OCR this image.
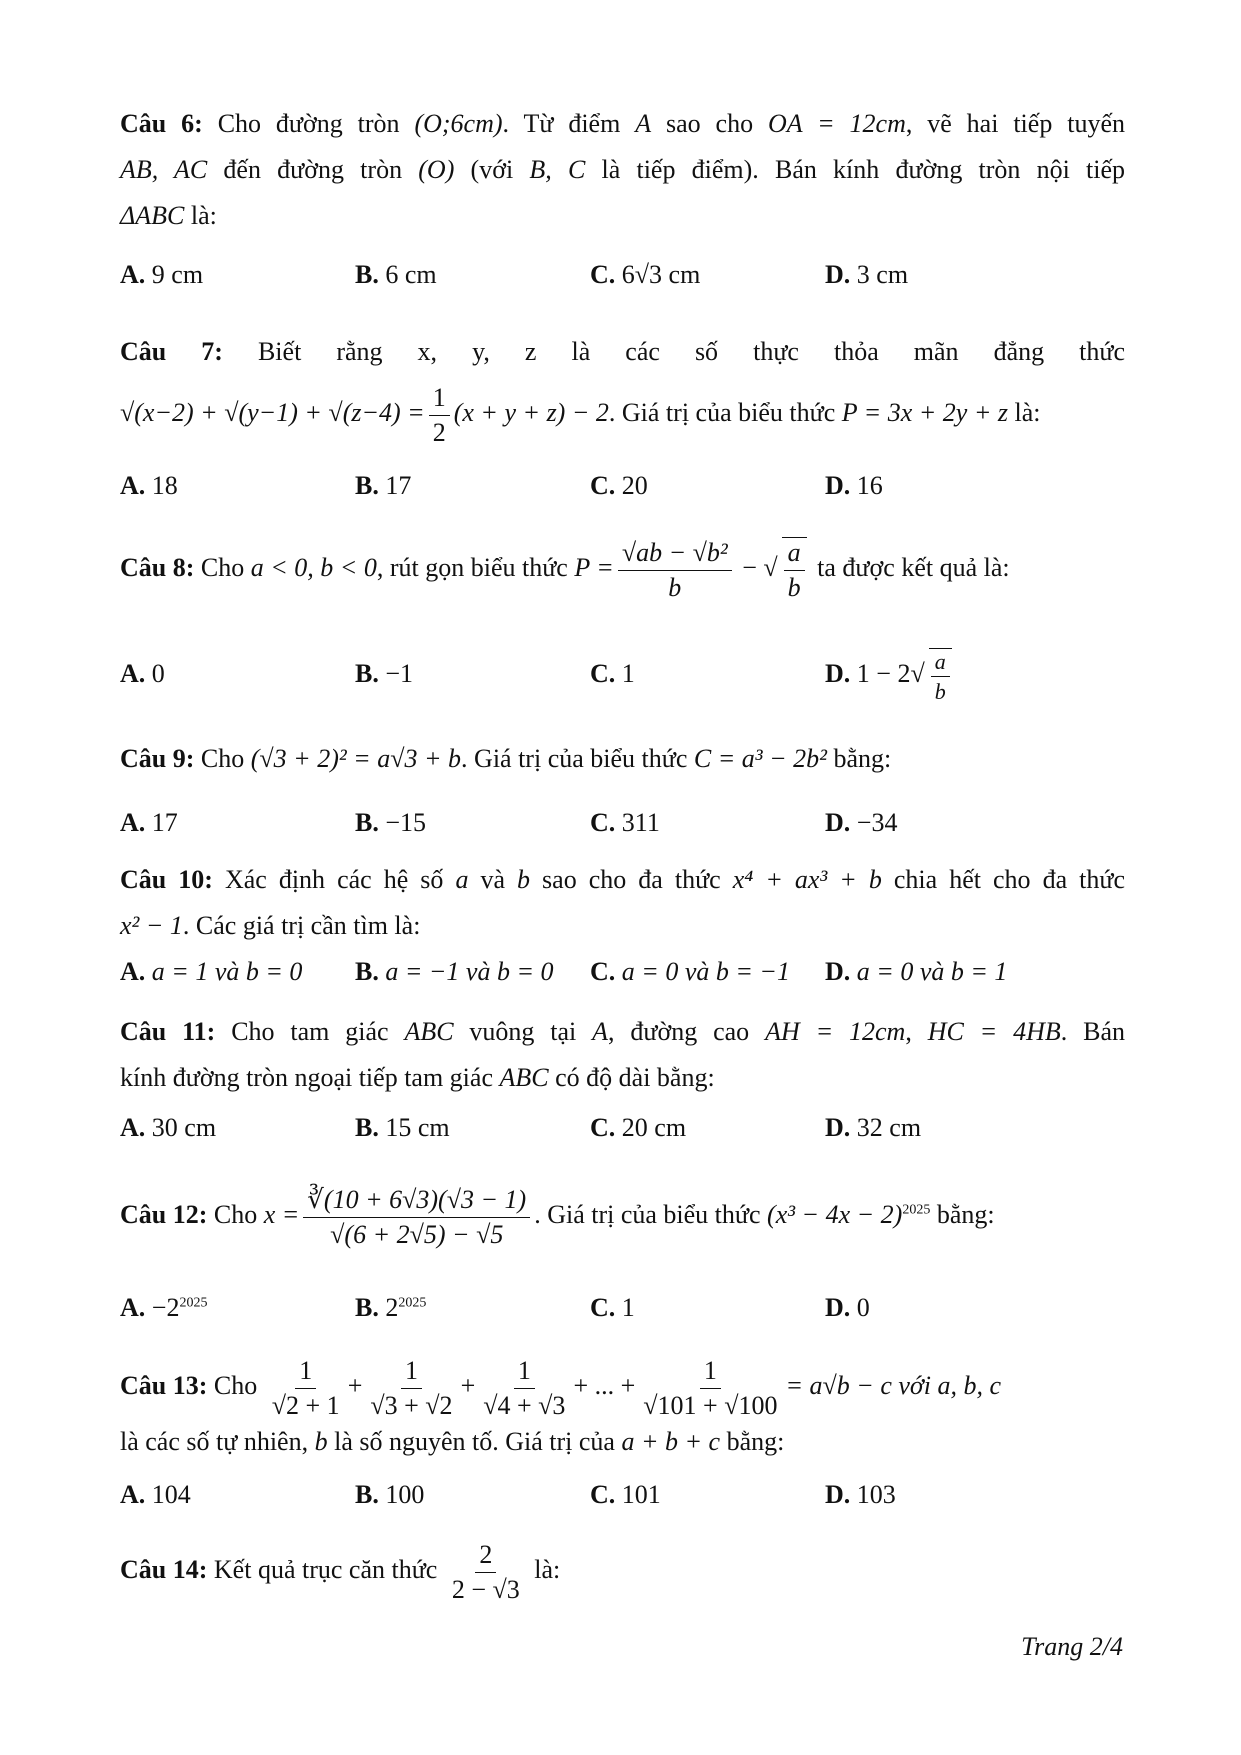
Câu 6: Cho đường tròn (O;6cm). Từ điểm A sao cho OA = 12cm, vẽ hai tiếp tuyến
AB, AC đến đường tròn (O) (với B, C là tiếp điểm). Bán kính đường tròn nội tiếp
ΔABC là:
A. 9 cm	B. 6 cm	C. 6√3 cm	D. 3 cm
Câu 7: Biết rằng x, y, z là các số thực thỏa mãn đẳng thức
$√(x-2) + √(y-1) + √(z-4) = \frac{1}{2} (x + y + z) - 2$. Giá trị của biểu thức P = 3x + 2y + z là:
A. 18	B. 17	C. 20	D. 16
Câu 8: Cho a < 0, b < 0, rút gọn biểu thức $P = \frac{\text{√ab − √b²}}{b}$ − √ $\frac{a}{b}$ ta được kết quả là:
A. 0	B. −1	C. 1	D. $1 - 2√ \frac{a}{b}$
Câu 9: Cho (√3 + 2)² = a√3 + b. Giá trị của biểu thức C = a³ − 2b² bằng:
A. 17	B. −15	C. 311	D. −34
Câu 10: Xác định các hệ số a và b sao cho đa thức x⁴ + ax³ + b chia hết cho đa thức
x² − 1. Các giá trị cần tìm là:
A. a = 1 và b = 0 B. a = −1 và b = 0 C. a = 0 và b = −1 D. a = 0 và b = 1
Câu 11: Cho tam giác ABC vuông tại A, đường cao AH = 12cm, HC = 4HB. Bán
kính đường tròn ngoại tiếp tam giác ABC có độ dài bằng:
A. 30 cm	B. 15 cm	C. 20 cm	D. 32 cm
Câu 12: Cho $x = \frac{∛(10 + 6√3)(√3 - 1)}{√(6 + 2√5) - √5}$ . Giá trị của biểu thức $(x^3 - 4x - 2)^{2025}$ bằng:
A. $-2^{2025}$	B. $2^{2025}$	C. 1	D. 0
Câu 13: Cho $\frac{1}{√2 + 1} + \frac{1}{√3 + √2} + \frac{1}{√4 + √3}$ + ... + $\frac{1}{√101 + √100} = a√b - c$ với a, b, c
là các số tự nhiên, b là số nguyên tố. Giá trị của a + b + c bằng:
A. 104	B. 100	C. 101	D. 103
Câu 14: Kết quả trục căn thức $\frac{2}{2 - √3}$ là:
Trang 2/4
